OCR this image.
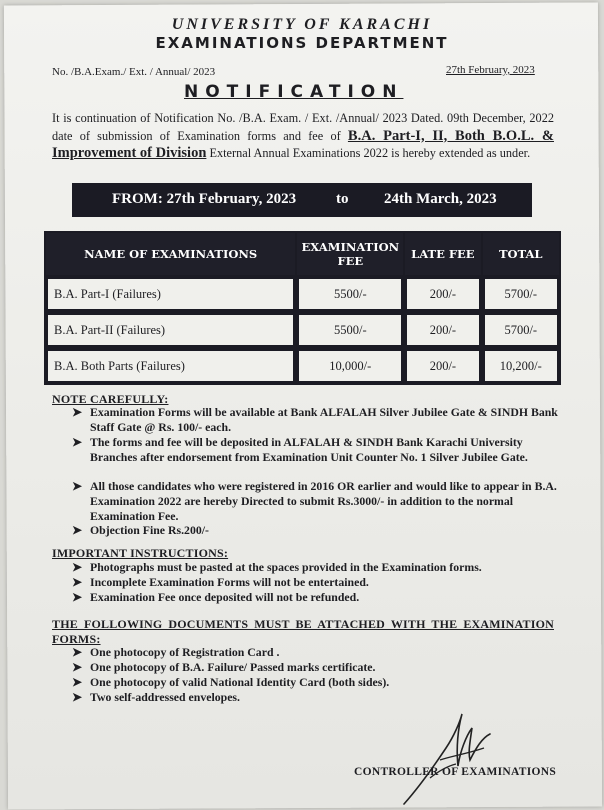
UNIVERSITY OF KARACHI
EXAMINATIONS DEPARTMENT
No. /B.A.Exam./ Ext. / Annual/ 2023	27th February, 2023
NOTIFICATION
It is continuation of Notification No. /B.A. Exam. / Ext. /Annual/ 2023 Dated. 09th December, 2022 date of submission of Examination forms and fee of B.A. Part-I, II, Both B.O.L. & Improvement of Division External Annual Examinations 2022 is hereby extended as under.
FROM: 27th February, 2023	to 24th March, 2023
NAME OF EXAMINATIONS	EXAMINATION FEE	LATE FEE	TOTAL
B.A. Part-I (Failures)	5500/-	200/-	5700/-
B.A. Part-II (Failures)	5500/-	200/-	5700/-
B.A. Both Parts (Failures)	10,000/-	200/-	10,200/-
NOTE CAREFULLY:
➤ Examination Forms will be available at Bank ALFALAH Silver Jubilee Gate & SINDH Bank Staff Gate @ Rs. 100/- each.
➤ The forms and fee will be deposited in ALFALAH & SINDH Bank Karachi University Branches after endorsement from Examination Unit Counter No. 1 Silver Jubilee Gate.
➤ All those candidates who were registered in 2016 OR earlier and would like to appear in B.A. Examination 2022 are hereby Directed to submit Rs.3000/- in addition to the normal Examination Fee.
➤ Objection Fine Rs.200/-
IMPORTANT INSTRUCTIONS:
➤ Photographs must be pasted at the spaces provided in the Examination forms.
➤ Incomplete Examination Forms will not be entertained.
➤ Examination Fee once deposited will not be refunded.
THE FOLLOWING DOCUMENTS MUST BE ATTACHED WITH THE EXAMINATION FORMS:
➤ One photocopy of Registration Card .
➤ One photocopy of B.A. Failure/ Passed marks certificate.
➤ One photocopy of valid National Identity Card (both sides).
➤ Two self-addressed envelopes.
CONTROLLER OF EXAMINATIONS
